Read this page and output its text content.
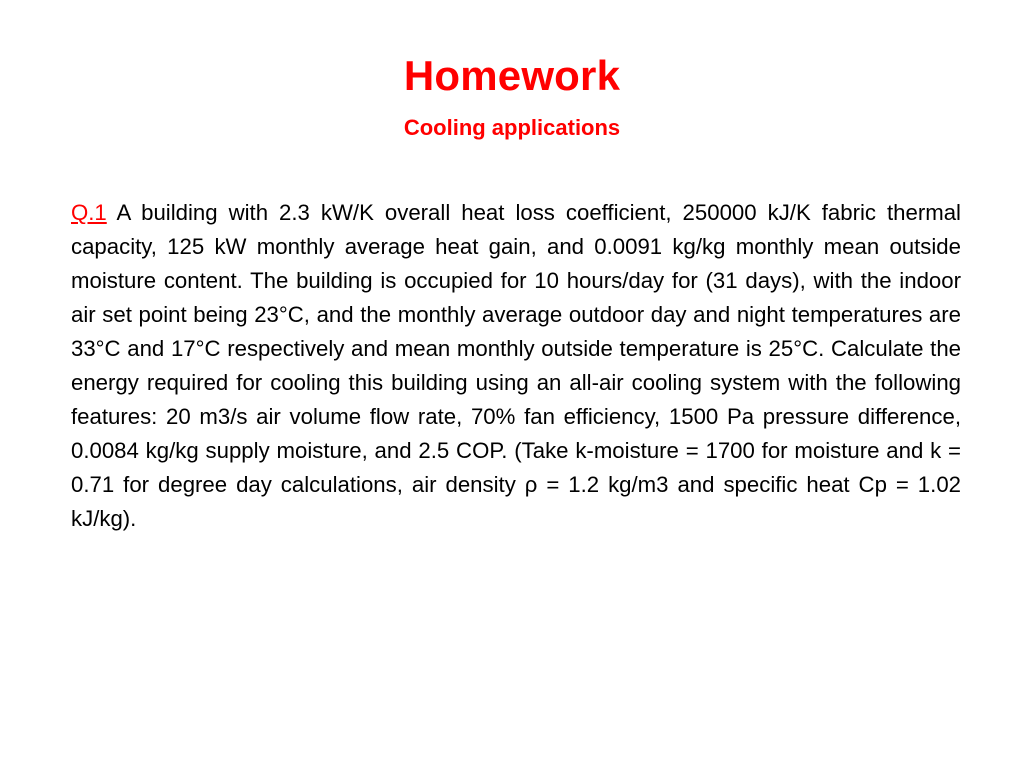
Homework
Cooling applications

Q.1 A building with 2.3 kW/K overall heat loss coefficient, 250000 kJ/K fabric thermal capacity, 125 kW monthly average heat gain, and 0.0091 kg/kg monthly mean outside moisture content. The building is occupied for 10 hours/day for (31 days), with the indoor air set point being 23°C, and the monthly average outdoor day and night temperatures are 33°C and 17°C respectively and mean monthly outside temperature is 25°C. Calculate the energy required for cooling this building using an all-air cooling system with the following features: 20 m3/s air volume flow rate, 70% fan efficiency, 1500 Pa pressure difference, 0.0084 kg/kg supply moisture, and 2.5 COP. (Take k-moisture = 1700 for moisture and k = 0.71 for degree day calculations, air density ρ = 1.2 kg/m3 and specific heat Cp = 1.02 kJ/kg).
